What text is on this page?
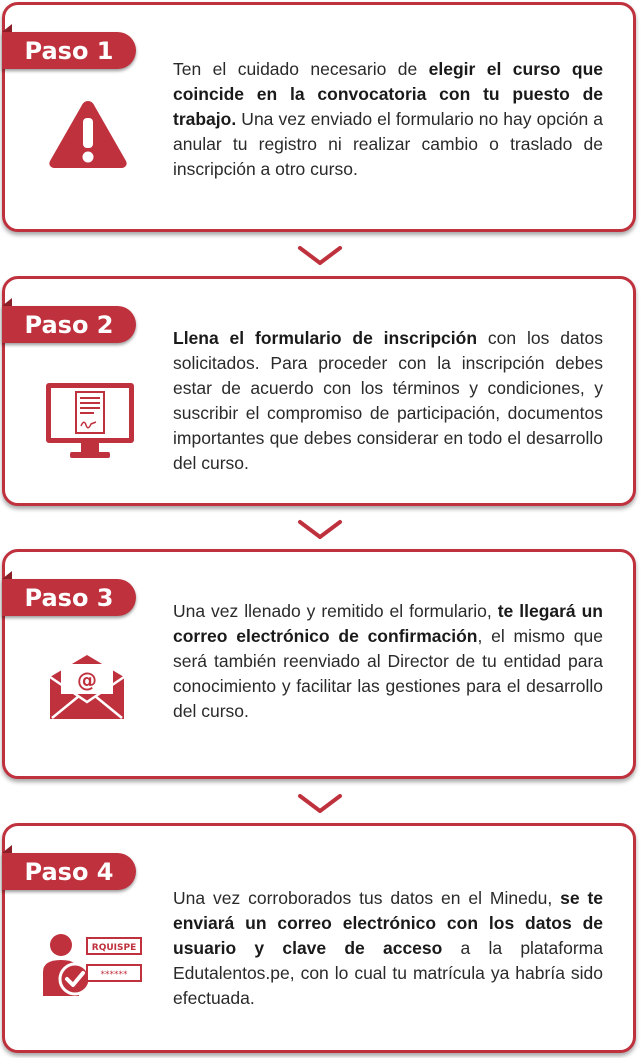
Paso 1
Ten el cuidado necesario de elegir el curso que coincide en la convocatoria con tu puesto de trabajo. Una vez enviado el formulario no hay opción a anular tu registro ni realizar cambio o traslado de inscripción a otro curso.
Paso 2	Llena el formulario de inscripción con los datos solicitados. Para proceder con la inscripción debes estar de acuerdo con los términos y condiciones, y suscribir el compromiso de participación, documentos importantes que debes considerar en todo el desarrollo del curso.
Paso 3
@
Una vez llenado y remitido el formulario, te llegará un correo electrónico de confirmación, el mismo que será también reenviado al Director de tu entidad para conocimiento y facilitar las gestiones para el desarrollo del curso.
Paso 4
RQUISPE
******
Una vez corroborados tus datos en el Minedu, se te enviará un correo electrónico con los datos de usuario y clave de acceso a la plataforma Edutalentos.pe, con lo cual tu matrícula ya habría sido efectuada.
